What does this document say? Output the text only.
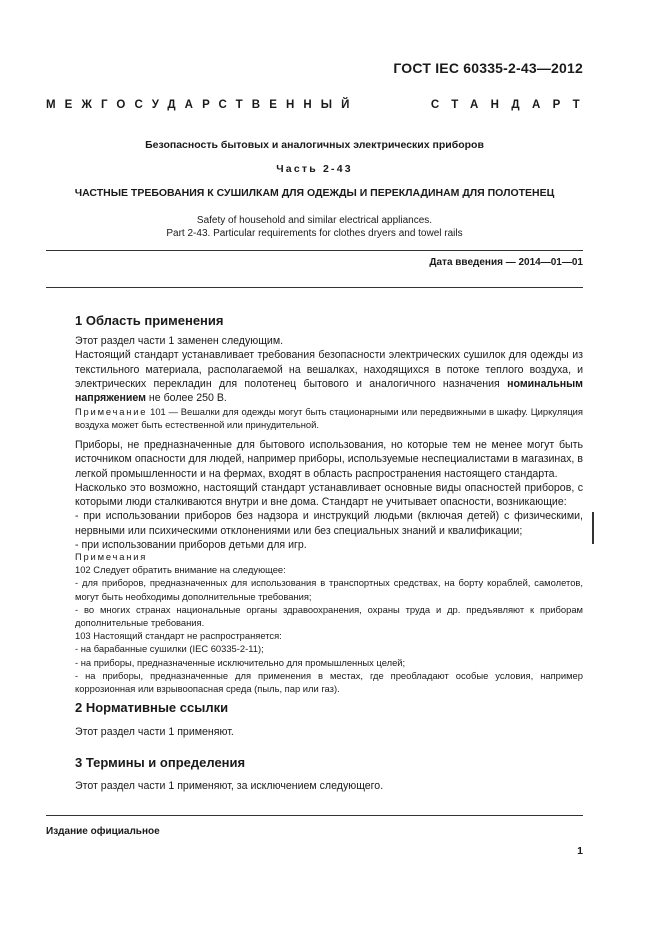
ГОСТ IEC 60335-2-43—2012
МЕЖГОСУДАРСТВЕННЫЙ	СТАНДАРТ
Безопасность бытовых и аналогичных электрических приборов
Часть 2-43
ЧАСТНЫЕ ТРЕБОВАНИЯ К СУШИЛКАМ ДЛЯ ОДЕЖДЫ И ПЕРЕКЛАДИНАМ ДЛЯ ПОЛОТЕНЕЦ
Safety of household and similar electrical appliances.
Part 2-43. Particular requirements for clothes dryers and towel rails
Дата введения — 2014—01—01
1 Область применения

Этот раздел части 1 заменен следующим.

Настоящий стандарт устанавливает требования безопасности электрических сушилок для одежды из текстильного материала, располагаемой на вешалках, находящихся в потоке теплого воздуха, и электрических перекладин для полотенец бытового и аналогичного назначения номинальным напряжением не более 250 В.

Примечание 101 — Вешалки для одежды могут быть стационарными или передвижными в шкафу. Циркуляция воздуха может быть естественной или принудительной.

Приборы, не предназначенные для бытового использования, но которые тем не менее могут быть источником опасности для людей, например приборы, используемые неспециалистами в магазинах, в легкой промышленности и на фермах, входят в область распространения настоящего стандарта.

Насколько это возможно, настоящий стандарт устанавливает основные виды опасностей приборов, с которыми люди сталкиваются внутри и вне дома. Стандарт не учитывает опасности, возникающие:

- при использовании приборов без надзора и инструкций людьми (включая детей) с физическими, нервными или психическими отклонениями или без специальных знаний и квалификации;

- при использовании приборов детьми для игр.

Примечания

102 Следует обратить внимание на следующее:

- для приборов, предназначенных для использования в транспортных средствах, на борту кораблей, самолетов, могут быть необходимы дополнительные требования;

- во многих странах национальные органы здравоохранения, охраны труда и др. предъявляют к приборам дополнительные требования.

103 Настоящий стандарт не распространяется:

- на барабанные сушилки (IEC 60335-2-11);

- на приборы, предназначенные исключительно для промышленных целей;

- на приборы, предназначенные для применения в местах, где преобладают особые условия, например коррозионная или взрывоопасная среда (пыль, пар или газ).

2 Нормативные ссылки
Этот раздел части 1 применяют.
3 Термины и определения
Этот раздел части 1 применяют, за исключением следующего.
Издание официальное
1
